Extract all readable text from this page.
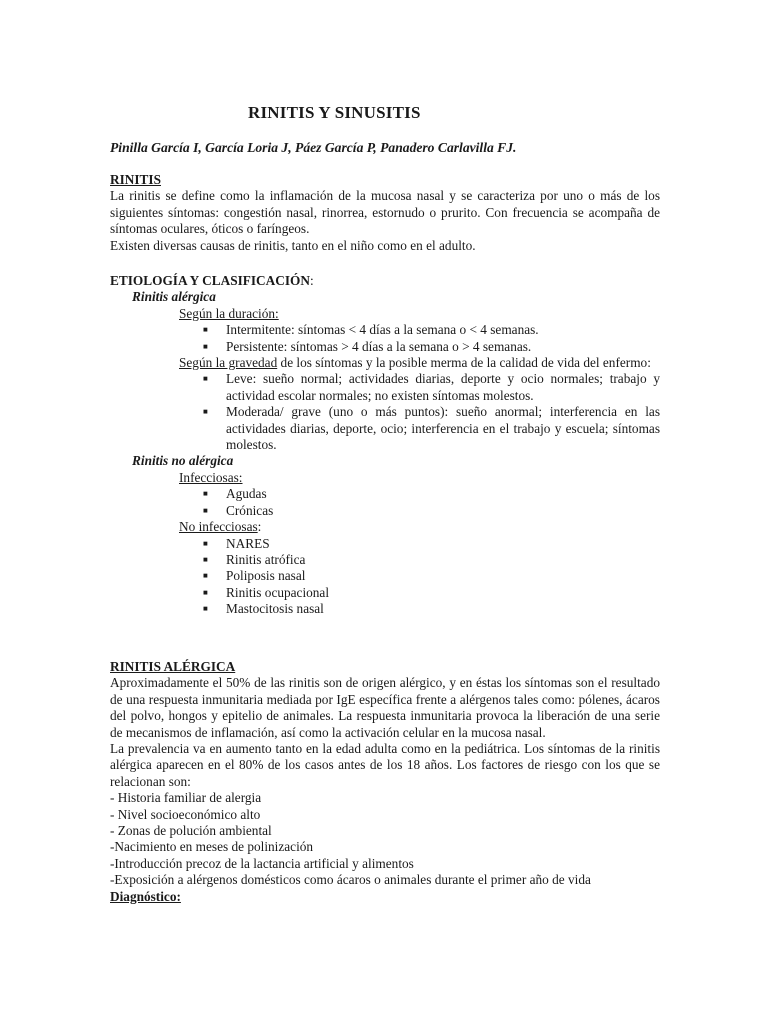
RINITIS Y SINUSITIS

Pinilla García I, García Loria J, Páez García P, Panadero Carlavilla FJ.

RINITIS

La rinitis se define como la inflamación de la mucosa nasal y se caracteriza por uno o más de los siguientes síntomas: congestión nasal, rinorrea, estornudo o prurito. Con frecuencia se acompaña de síntomas oculares, óticos o faríngeos.

Existen diversas causas de rinitis, tanto en el niño como en el adulto.

ETIOLOGÍA Y CLASIFICACIÓN:

Rinitis alérgica

Según la duración:

■ Intermitente: síntomas < 4 días a la semana o < 4 semanas.
■ Persistente: síntomas > 4 días a la semana o > 4 semanas.

Según la gravedad de los síntomas y la posible merma de la calidad de vida del enfermo:

■ Leve: sueño normal; actividades diarias, deporte y ocio normales; trabajo y actividad escolar normales; no existen síntomas molestos.
■ Moderada/ grave (uno o más puntos): sueño anormal; interferencia en las actividades diarias, deporte, ocio; interferencia en el trabajo y escuela; síntomas molestos.

Rinitis no alérgica

Infecciosas:

■ Agudas
■ Crónicas

No infecciosas:

■ NARES
■ Rinitis atrófica
■ Poliposis nasal
■ Rinitis ocupacional
■ Mastocitosis nasal

RINITIS ALÉRGICA

Aproximadamente el 50% de las rinitis son de origen alérgico, y en éstas los síntomas son el resultado de una respuesta inmunitaria mediada por IgE específica frente a alérgenos tales como: pólenes, ácaros del polvo, hongos y epitelio de animales. La respuesta inmunitaria provoca la liberación de una serie de mecanismos de inflamación, así como la activación celular en la mucosa nasal.

La prevalencia va en aumento tanto en la edad adulta como en la pediátrica. Los síntomas de la rinitis alérgica aparecen en el 80% de los casos antes de los 18 años. Los factores de riesgo con los que se relacionan son:

- Historia familiar de alergia

- Nivel socioeconómico alto

- Zonas de polución ambiental

-Nacimiento en meses de polinización

-Introducción precoz de la lactancia artificial y alimentos

-Exposición a alérgenos domésticos como ácaros o animales durante el primer año de vida

Diagnóstico:
